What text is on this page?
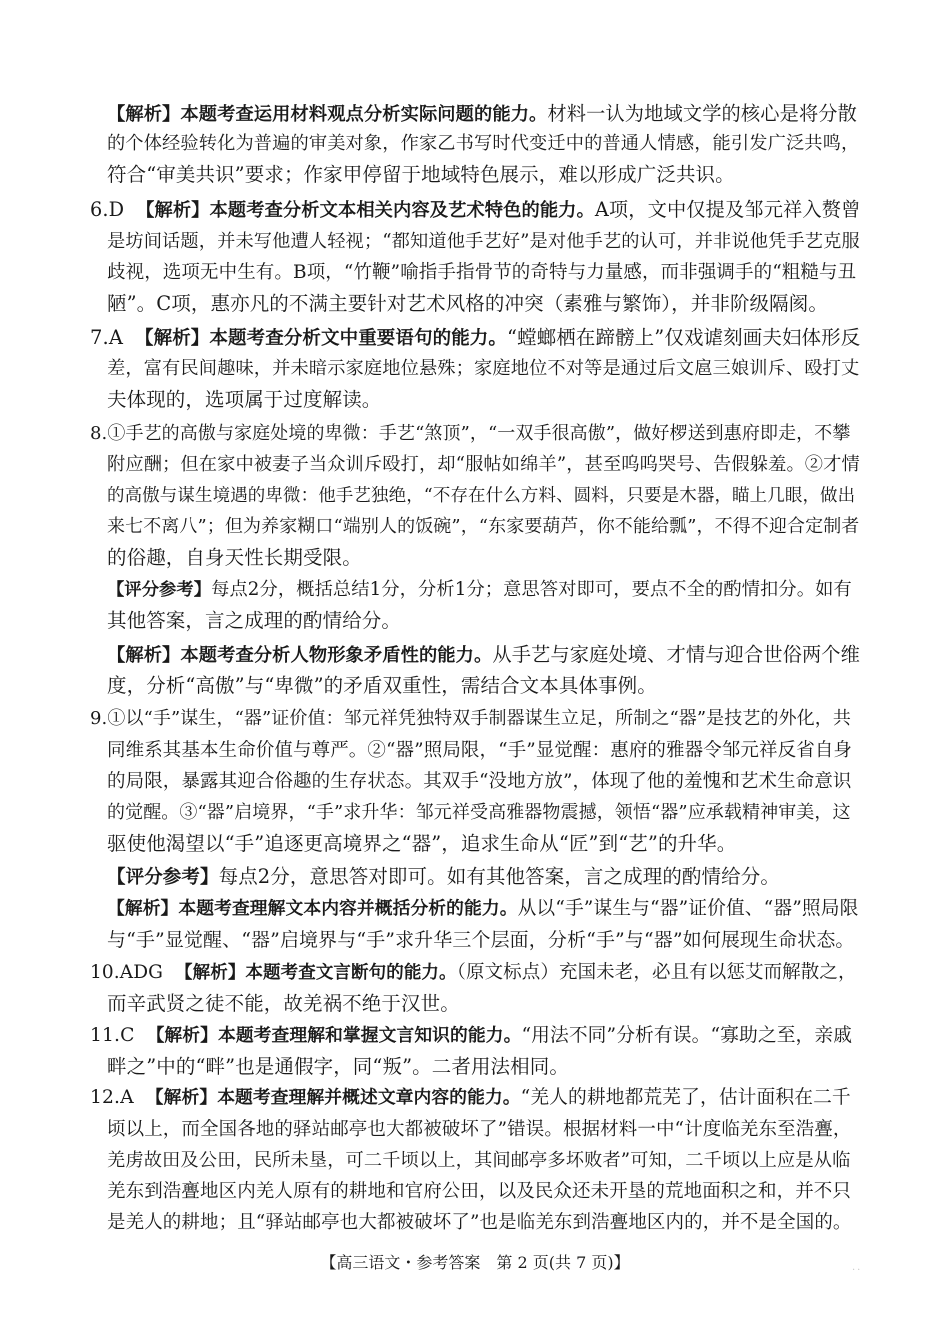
【解析】本题考查运用材料观点分析实际问题的能力。材料一认为地域文学的核心是将分散
的个体经验转化为普遍的审美对象，作家乙书写时代变迁中的普通人情感，能引发广泛共鸣，
符合“审美共识”要求；作家甲停留于地域特色展示，难以形成广泛共识。
6.D 【解析】本题考查分析文本相关内容及艺术特色的能力。A项，文中仅提及邹元祥入赘曾
是坊间话题，并未写他遭人轻视；“都知道他手艺好”是对他手艺的认可，并非说他凭手艺克服
歧视，选项无中生有。B项，“竹鞭”喻指手指骨节的奇特与力量感，而非强调手的“粗糙与丑
陋”。C项，惠亦凡的不满主要针对艺术风格的冲突（素雅与繁饰），并非阶级隔阂。
7.A 【解析】本题考查分析文中重要语句的能力。“螳螂栖在蹄髈上”仅戏谑刻画夫妇体形反
差，富有民间趣味，并未暗示家庭地位悬殊；家庭地位不对等是通过后文扈三娘训斥、殴打丈
夫体现的，选项属于过度解读。
8.①手艺的高傲与家庭处境的卑微：手艺“煞顶”，“一双手很高傲”，做好椤送到惠府即走，不攀
附应酬；但在家中被妻子当众训斥殴打，却“服帖如绵羊”，甚至呜呜哭号、告假躲羞。②才情
的高傲与谋生境遇的卑微：他手艺独绝，“不存在什么方料、圆料，只要是木器，瞄上几眼，做出
来七不离八”；但为养家糊口“端别人的饭碗”，“东家要葫芦，你不能给瓢”，不得不迎合定制者
的俗趣，自身天性长期受限。
【评分参考】每点2分，概括总结1分，分析1分；意思答对即可，要点不全的酌情扣分。如有
其他答案，言之成理的酌情给分。
【解析】本题考查分析人物形象矛盾性的能力。从手艺与家庭处境、才情与迎合世俗两个维
度，分析“高傲”与“卑微”的矛盾双重性，需结合文本具体事例。
9.①以“手”谋生，“器”证价值：邹元祥凭独特双手制器谋生立足，所制之“器”是技艺的外化，共
同维系其基本生命价值与尊严。②“器”照局限，“手”显觉醒：惠府的雅器令邹元祥反省自身
的局限，暴露其迎合俗趣的生存状态。其双手“没地方放”，体现了他的羞愧和艺术生命意识
的觉醒。③“器”启境界，“手”求升华：邹元祥受高雅器物震撼，领悟“器”应承载精神审美，这
驱使他渴望以“手”追逐更高境界之“器”，追求生命从“匠”到“艺”的升华。
【评分参考】每点2分，意思答对即可。如有其他答案，言之成理的酌情给分。
【解析】本题考查理解文本内容并概括分析的能力。从以“手”谋生与“器”证价值、“器”照局限
与“手”显觉醒、“器”启境界与“手”求升华三个层面，分析“手”与“器”如何展现生命状态。
10.ADG 【解析】本题考查文言断句的能力。（原文标点）充国未老，必且有以惩艾而解散之，
而辛武贤之徒不能，故羌祸不绝于汉世。
11.C 【解析】本题考查理解和掌握文言知识的能力。“用法不同”分析有误。“寡助之至，亲戚
畔之”中的“畔”也是通假字，同“叛”。二者用法相同。
12.A 【解析】本题考查理解并概述文章内容的能力。“羌人的耕地都荒芜了，估计面积在二千
顷以上，而全国各地的驿站邮亭也大都被破坏了”错误。根据材料一中“计度临羌东至浩亹，
羌虏故田及公田，民所未垦，可二千顷以上，其间邮亭多坏败者”可知，二千顷以上应是从临
羌东到浩亹地区内羌人原有的耕地和官府公田，以及民众还未开垦的荒地面积之和，并不只
是羌人的耕地；且“驿站邮亭也大都被破坏了”也是临羌东到浩亹地区内的，并不是全国的。
【高三语文・参考答案　第 2 页(共 7 页)】	..
